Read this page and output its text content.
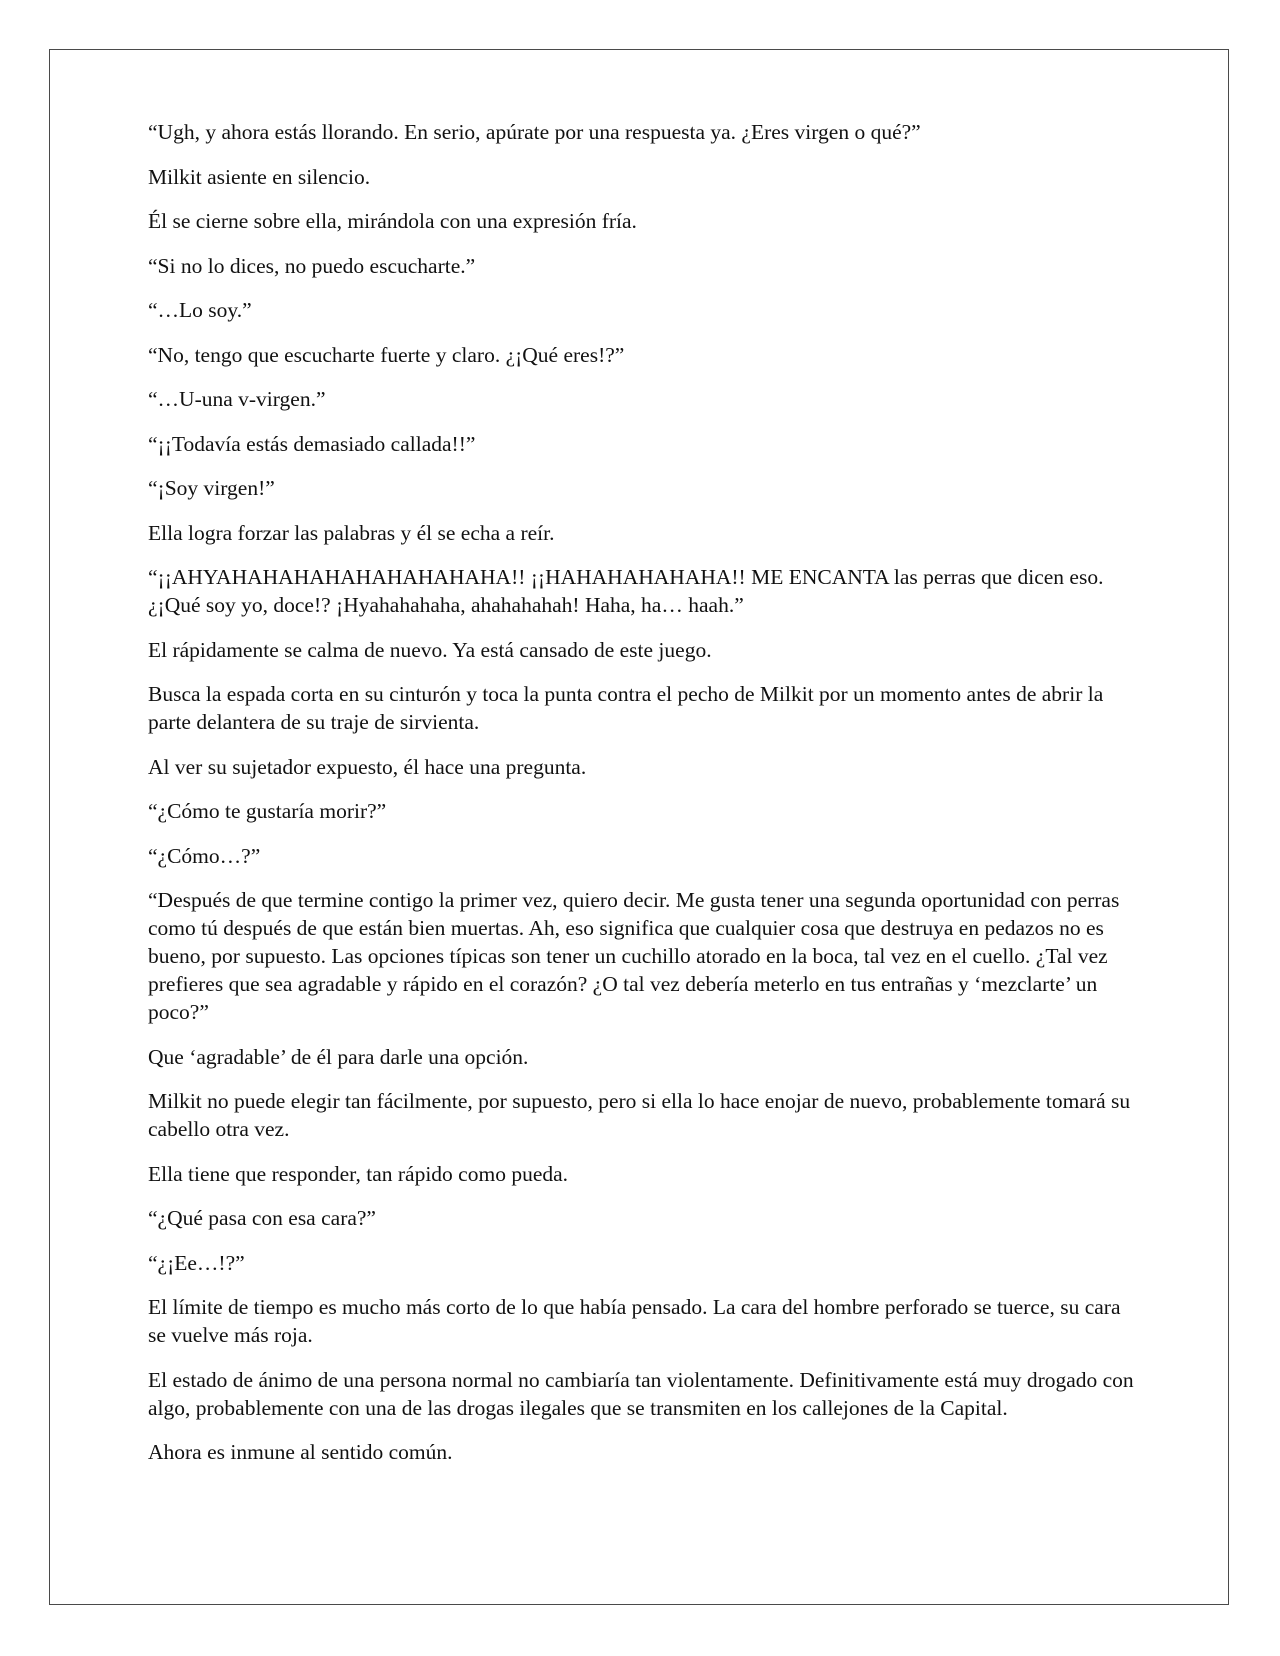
“Ugh, y ahora estás llorando. En serio, apúrate por una respuesta ya. ¿Eres virgen o qué?”

Milkit asiente en silencio.

Él se cierne sobre ella, mirándola con una expresión fría.

“Si no lo dices, no puedo escucharte.”

“…Lo soy.”

“No, tengo que escucharte fuerte y claro. ¿¡Qué eres!?”

“…U-una v-virgen.”

“¡¡Todavía estás demasiado callada!!”

“¡Soy virgen!”

Ella logra forzar las palabras y él se echa a reír.

“¡¡AHYAHAHAHAHAHAHAHAHAHA!! ¡¡HAHAHAHAHAHA!! ME ENCANTA las perras que dicen eso. ¿¡Qué soy yo, doce!? ¡Hyahahahaha, ahahahahah! Haha, ha… haah.”

El rápidamente se calma de nuevo. Ya está cansado de este juego.

Busca la espada corta en su cinturón y toca la punta contra el pecho de Milkit por un momento antes de abrir la parte delantera de su traje de sirvienta.

Al ver su sujetador expuesto, él hace una pregunta.

“¿Cómo te gustaría morir?”

“¿Cómo…?”

“Después de que termine contigo la primer vez, quiero decir. Me gusta tener una segunda oportunidad con perras como tú después de que están bien muertas. Ah, eso significa que cualquier cosa que destruya en pedazos no es bueno, por supuesto. Las opciones típicas son tener un cuchillo atorado en la boca, tal vez en el cuello. ¿Tal vez prefieres que sea agradable y rápido en el corazón? ¿O tal vez debería meterlo en tus entrañas y ‘mezclarte’ un poco?”

Que ‘agradable’ de él para darle una opción.

Milkit no puede elegir tan fácilmente, por supuesto, pero si ella lo hace enojar de nuevo, probablemente tomará su cabello otra vez.

Ella tiene que responder, tan rápido como pueda.

“¿Qué pasa con esa cara?”

“¿¡Ee…!?”

El límite de tiempo es mucho más corto de lo que había pensado. La cara del hombre perforado se tuerce, su cara se vuelve más roja.

El estado de ánimo de una persona normal no cambiaría tan violentamente. Definitivamente está muy drogado con algo, probablemente con una de las drogas ilegales que se transmiten en los callejones de la Capital.

Ahora es inmune al sentido común.
